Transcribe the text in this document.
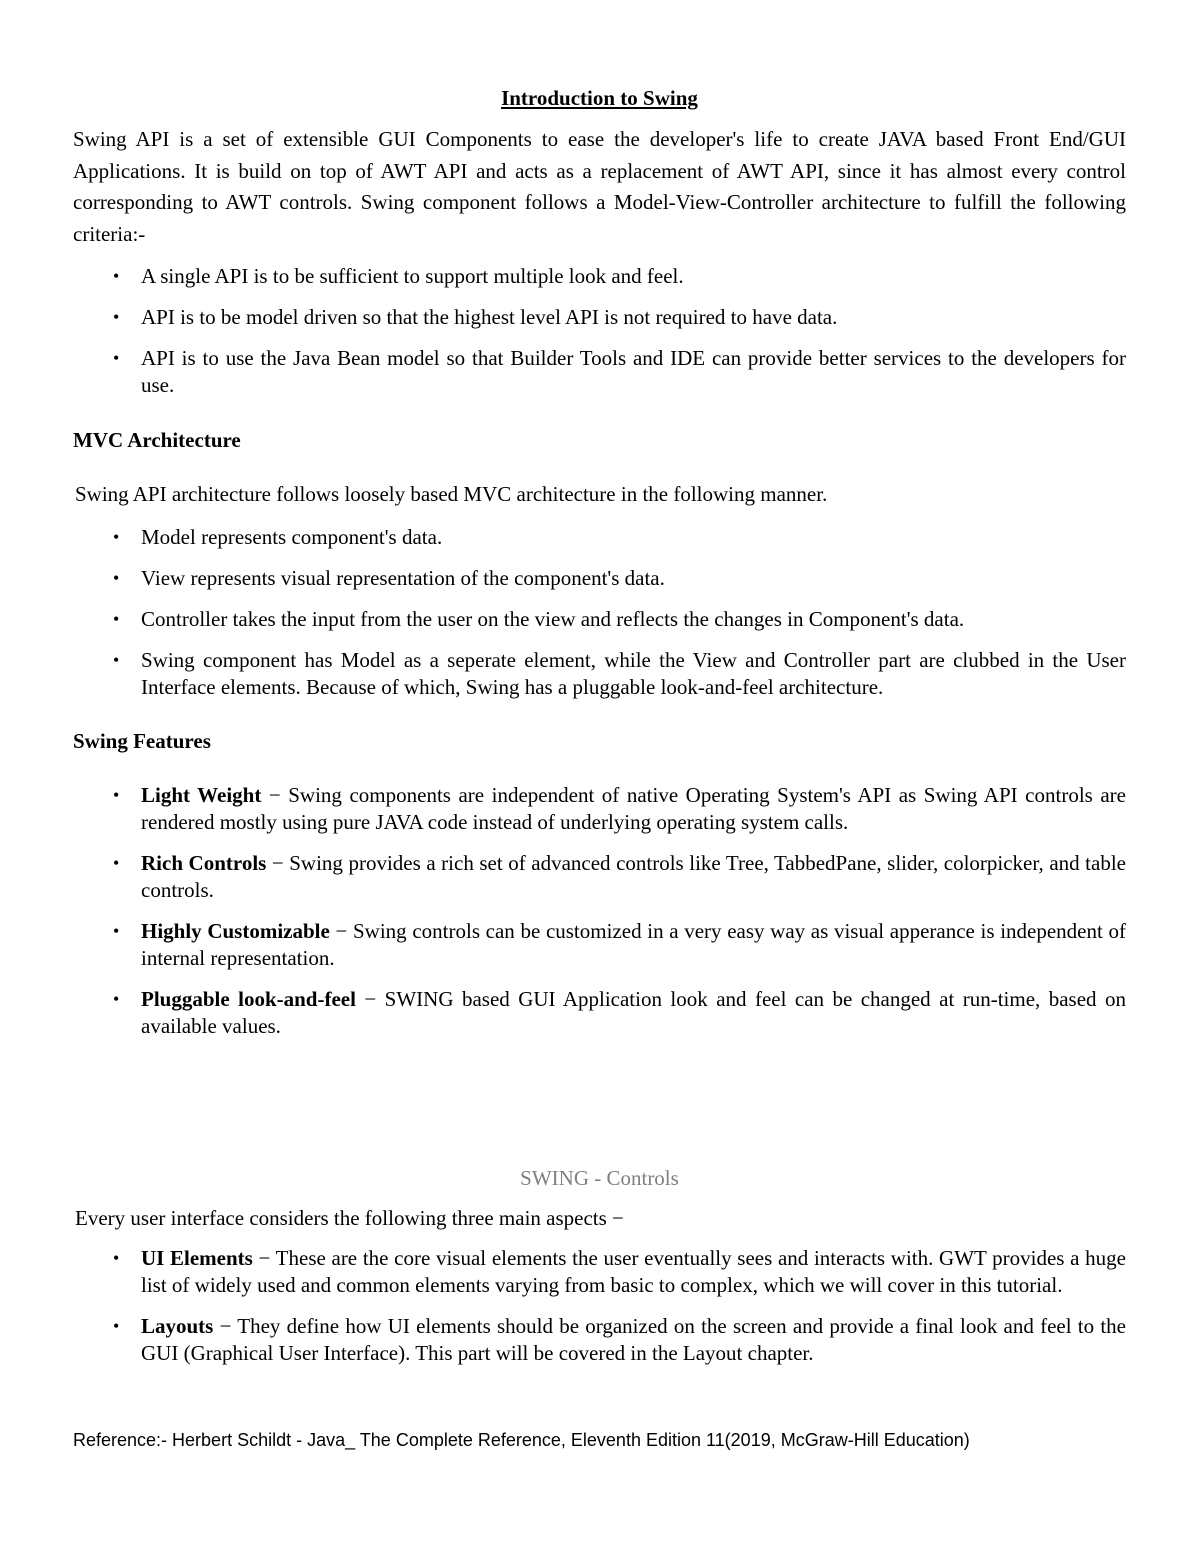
Introduction to Swing
Swing API is a set of extensible GUI Components to ease the developer's life to create JAVA based Front End/GUI Applications. It is build on top of AWT API and acts as a replacement of AWT API, since it has almost every control corresponding to AWT controls. Swing component follows a Model-View-Controller architecture to fulfill the following criteria:-
• A single API is to be sufficient to support multiple look and feel.
• API is to be model driven so that the highest level API is not required to have data.
• API is to use the Java Bean model so that Builder Tools and IDE can provide better services to the developers for use.
MVC Architecture
Swing API architecture follows loosely based MVC architecture in the following manner.
• Model represents component's data.
• View represents visual representation of the component's data.
• Controller takes the input from the user on the view and reflects the changes in Component's data.
• Swing component has Model as a seperate element, while the View and Controller part are clubbed in the User Interface elements. Because of which, Swing has a pluggable look-and-feel architecture.
Swing Features
• Light Weight − Swing components are independent of native Operating System's API as Swing API controls are rendered mostly using pure JAVA code instead of underlying operating system calls.
• Rich Controls − Swing provides a rich set of advanced controls like Tree, TabbedPane, slider, colorpicker, and table controls.
• Highly Customizable − Swing controls can be customized in a very easy way as visual apperance is independent of internal representation.
• Pluggable look-and-feel − SWING based GUI Application look and feel can be changed at run-time, based on available values.
SWING - Controls
Every user interface considers the following three main aspects −
• UI Elements − These are the core visual elements the user eventually sees and interacts with. GWT provides a huge list of widely used and common elements varying from basic to complex, which we will cover in this tutorial.
• Layouts − They define how UI elements should be organized on the screen and provide a final look and feel to the GUI (Graphical User Interface). This part will be covered in the Layout chapter.
Reference:- Herbert Schildt - Java_ The Complete Reference, Eleventh Edition 11(2019, McGraw-Hill Education)
